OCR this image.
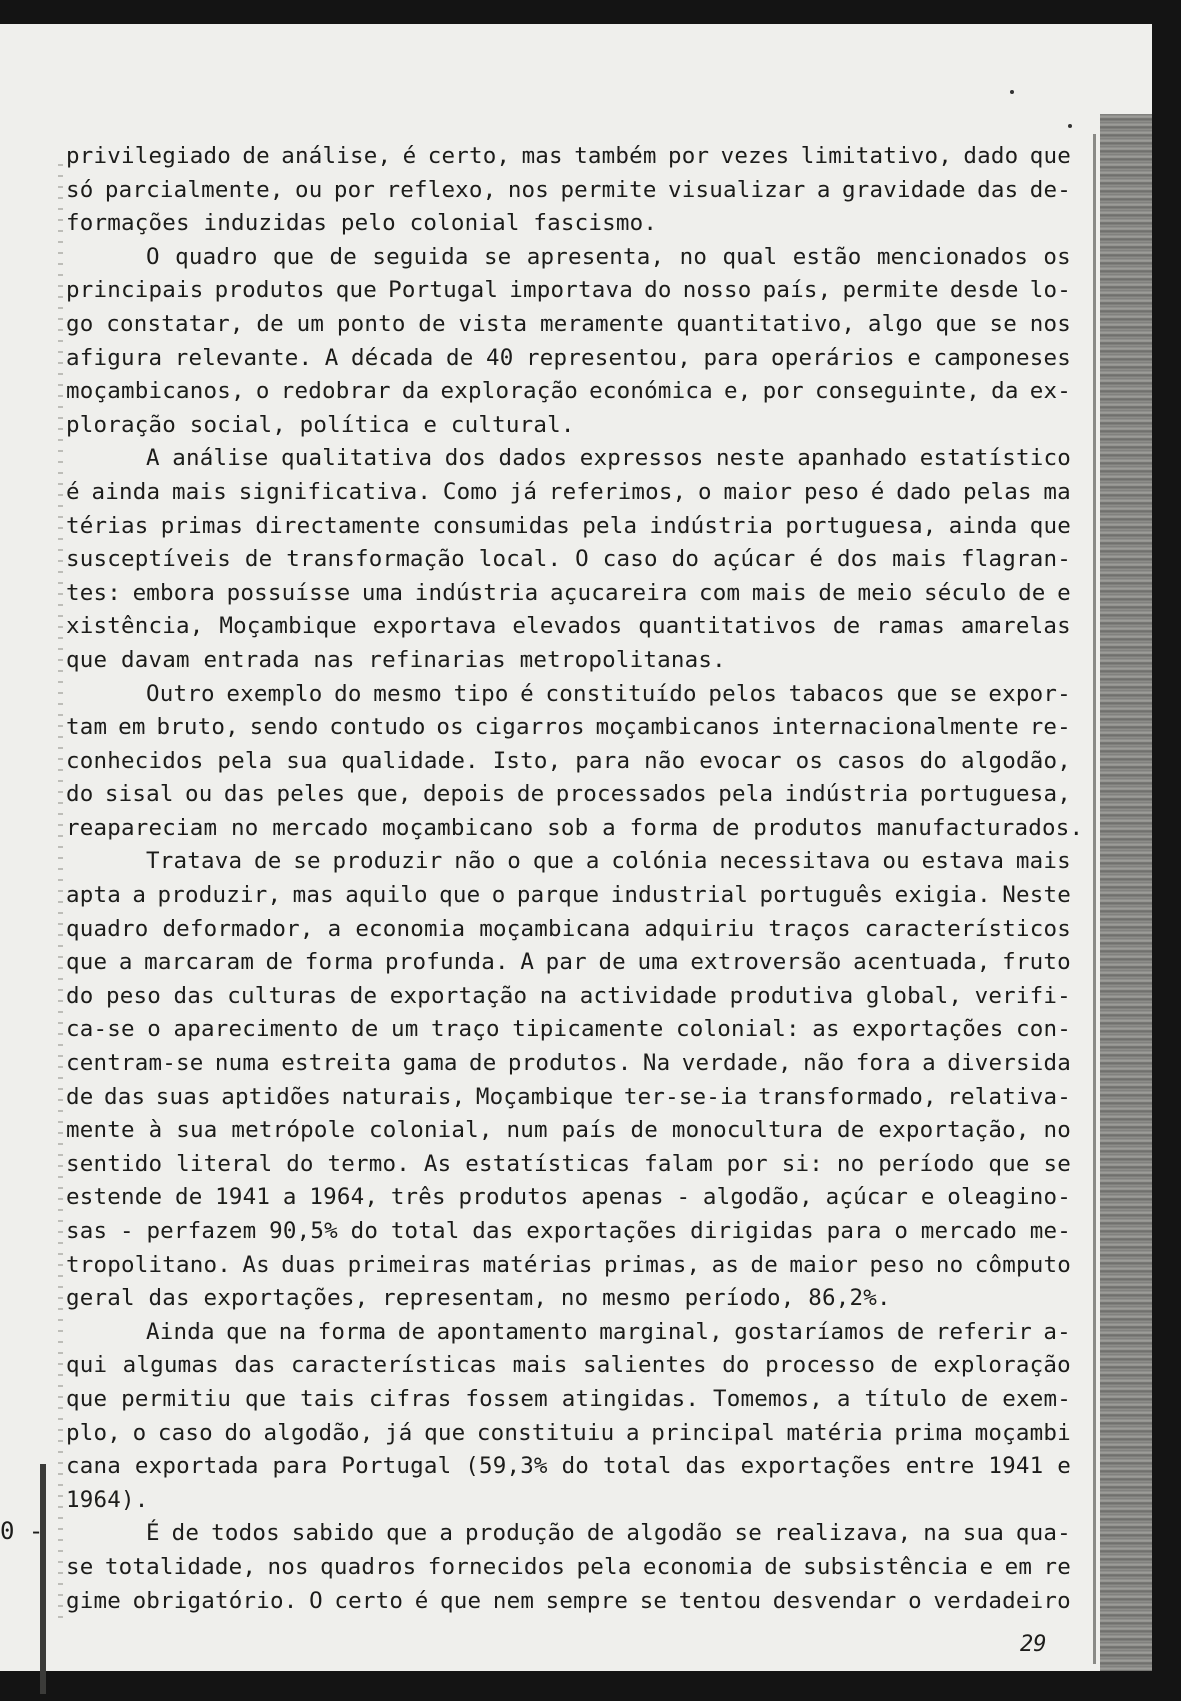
0 -
privilegiado de análise, é certo, mas também por vezes limitativo, dado que
só parcialmente, ou por reflexo, nos permite visualizar a gravidade das de-
formações induzidas pelo colonial fascismo.
O quadro que de seguida se apresenta, no qual estão mencionados os
principais produtos que Portugal importava do nosso país, permite desde lo-
go constatar, de um ponto de vista meramente quantitativo, algo que se nos
afigura relevante. A década de 40 representou, para operários e camponeses
moçambicanos, o redobrar da exploração económica e, por conseguinte, da ex-
ploração social, política e cultural.
A análise qualitativa dos dados expressos neste apanhado estatístico
é ainda mais significativa. Como já referimos, o maior peso é dado pelas ma
térias primas directamente consumidas pela indústria portuguesa, ainda que
susceptíveis de transformação local. O caso do açúcar é dos mais flagran-
tes: embora possuísse uma indústria açucareira com mais de meio século de e
xistência, Moçambique exportava elevados quantitativos de ramas amarelas
que davam entrada nas refinarias metropolitanas.
Outro exemplo do mesmo tipo é constituído pelos tabacos que se expor-
tam em bruto, sendo contudo os cigarros moçambicanos internacionalmente re-
conhecidos pela sua qualidade. Isto, para não evocar os casos do algodão,
do sisal ou das peles que, depois de processados pela indústria portuguesa,
reapareciam no mercado moçambicano sob a forma de produtos manufacturados.
Tratava de se produzir não o que a colónia necessitava ou estava mais
apta a produzir, mas aquilo que o parque industrial português exigia. Neste
quadro deformador, a economia moçambicana adquiriu traços característicos
que a marcaram de forma profunda. A par de uma extroversão acentuada, fruto
do peso das culturas de exportação na actividade produtiva global, verifi-
ca-se o aparecimento de um traço tipicamente colonial: as exportações con-
centram-se numa estreita gama de produtos. Na verdade, não fora a diversida
de das suas aptidões naturais, Moçambique ter-se-ia transformado, relativa-
mente à sua metrópole colonial, num país de monocultura de exportação, no
sentido literal do termo. As estatísticas falam por si: no período que se
estende de 1941 a 1964, três produtos apenas - algodão, açúcar e oleagino-
sas - perfazem 90,5% do total das exportações dirigidas para o mercado me-
tropolitano. As duas primeiras matérias primas, as de maior peso no cômputo
geral das exportações, representam, no mesmo período, 86,2%.
Ainda que na forma de apontamento marginal, gostaríamos de referir a-
qui algumas das características mais salientes do processo de exploração
que permitiu que tais cifras fossem atingidas. Tomemos, a título de exem-
plo, o caso do algodão, já que constituiu a principal matéria prima moçambi
cana exportada para Portugal (59,3% do total das exportações entre 1941 e
1964).
É de todos sabido que a produção de algodão se realizava, na sua qua-
se totalidade, nos quadros fornecidos pela economia de subsistência e em re
gime obrigatório. O certo é que nem sempre se tentou desvendar o verdadeiro
29
